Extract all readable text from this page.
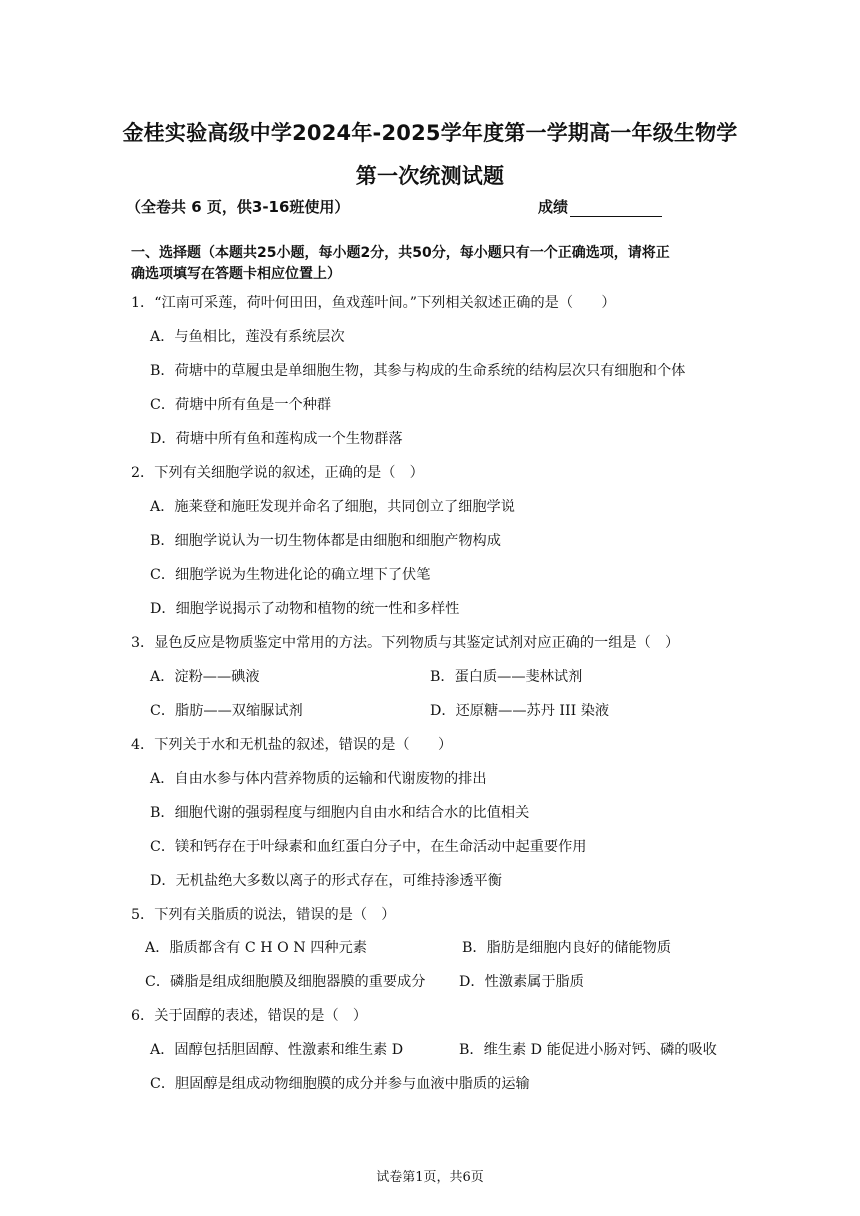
金桂实验高级中学2024年-2025学年度第一学期高一年级生物学
第一次统测试题
（全卷共 6 页，供3-16班使用）	成绩
一、选择题（本题共25小题，每小题2分，共50分，每小题只有一个正确选项，请将正
确选项填写在答题卡相应位置上）
1．“江南可采莲，荷叶何田田，鱼戏莲叶间。”下列相关叙述正确的是（　　）
A．与鱼相比，莲没有系统层次
B．荷塘中的草履虫是单细胞生物，其参与构成的生命系统的结构层次只有细胞和个体
C．荷塘中所有鱼是一个种群
D．荷塘中所有鱼和莲构成一个生物群落
2．下列有关细胞学说的叙述，正确的是（　）
A．施莱登和施旺发现并命名了细胞，共同创立了细胞学说
B．细胞学说认为一切生物体都是由细胞和细胞产物构成
C．细胞学说为生物进化论的确立埋下了伏笔
D．细胞学说揭示了动物和植物的统一性和多样性
3．显色反应是物质鉴定中常用的方法。下列物质与其鉴定试剂对应正确的一组是（　）
A．淀粉——碘液	B．蛋白质——斐林试剂
C．脂肪——双缩脲试剂	D．还原糖——苏丹 III 染液
4．下列关于水和无机盐的叙述，错误的是（　　）
A．自由水参与体内营养物质的运输和代谢废物的排出
B．细胞代谢的强弱程度与细胞内自由水和结合水的比值相关
C．镁和钙存在于叶绿素和血红蛋白分子中，在生命活动中起重要作用
D．无机盐绝大多数以离子的形式存在，可维持渗透平衡
5．下列有关脂质的说法，错误的是（　）
A．脂质都含有 C H O N 四种元素	B．脂肪是细胞内良好的储能物质
C．磷脂是组成细胞膜及细胞器膜的重要成分 D．性激素属于脂质
6．关于固醇的表述，错误的是（　）
A．固醇包括胆固醇、性激素和维生素 D	B．维生素 D 能促进小肠对钙、磷的吸收
C．胆固醇是组成动物细胞膜的成分并参与血液中脂质的运输
试卷第1页，共6页
